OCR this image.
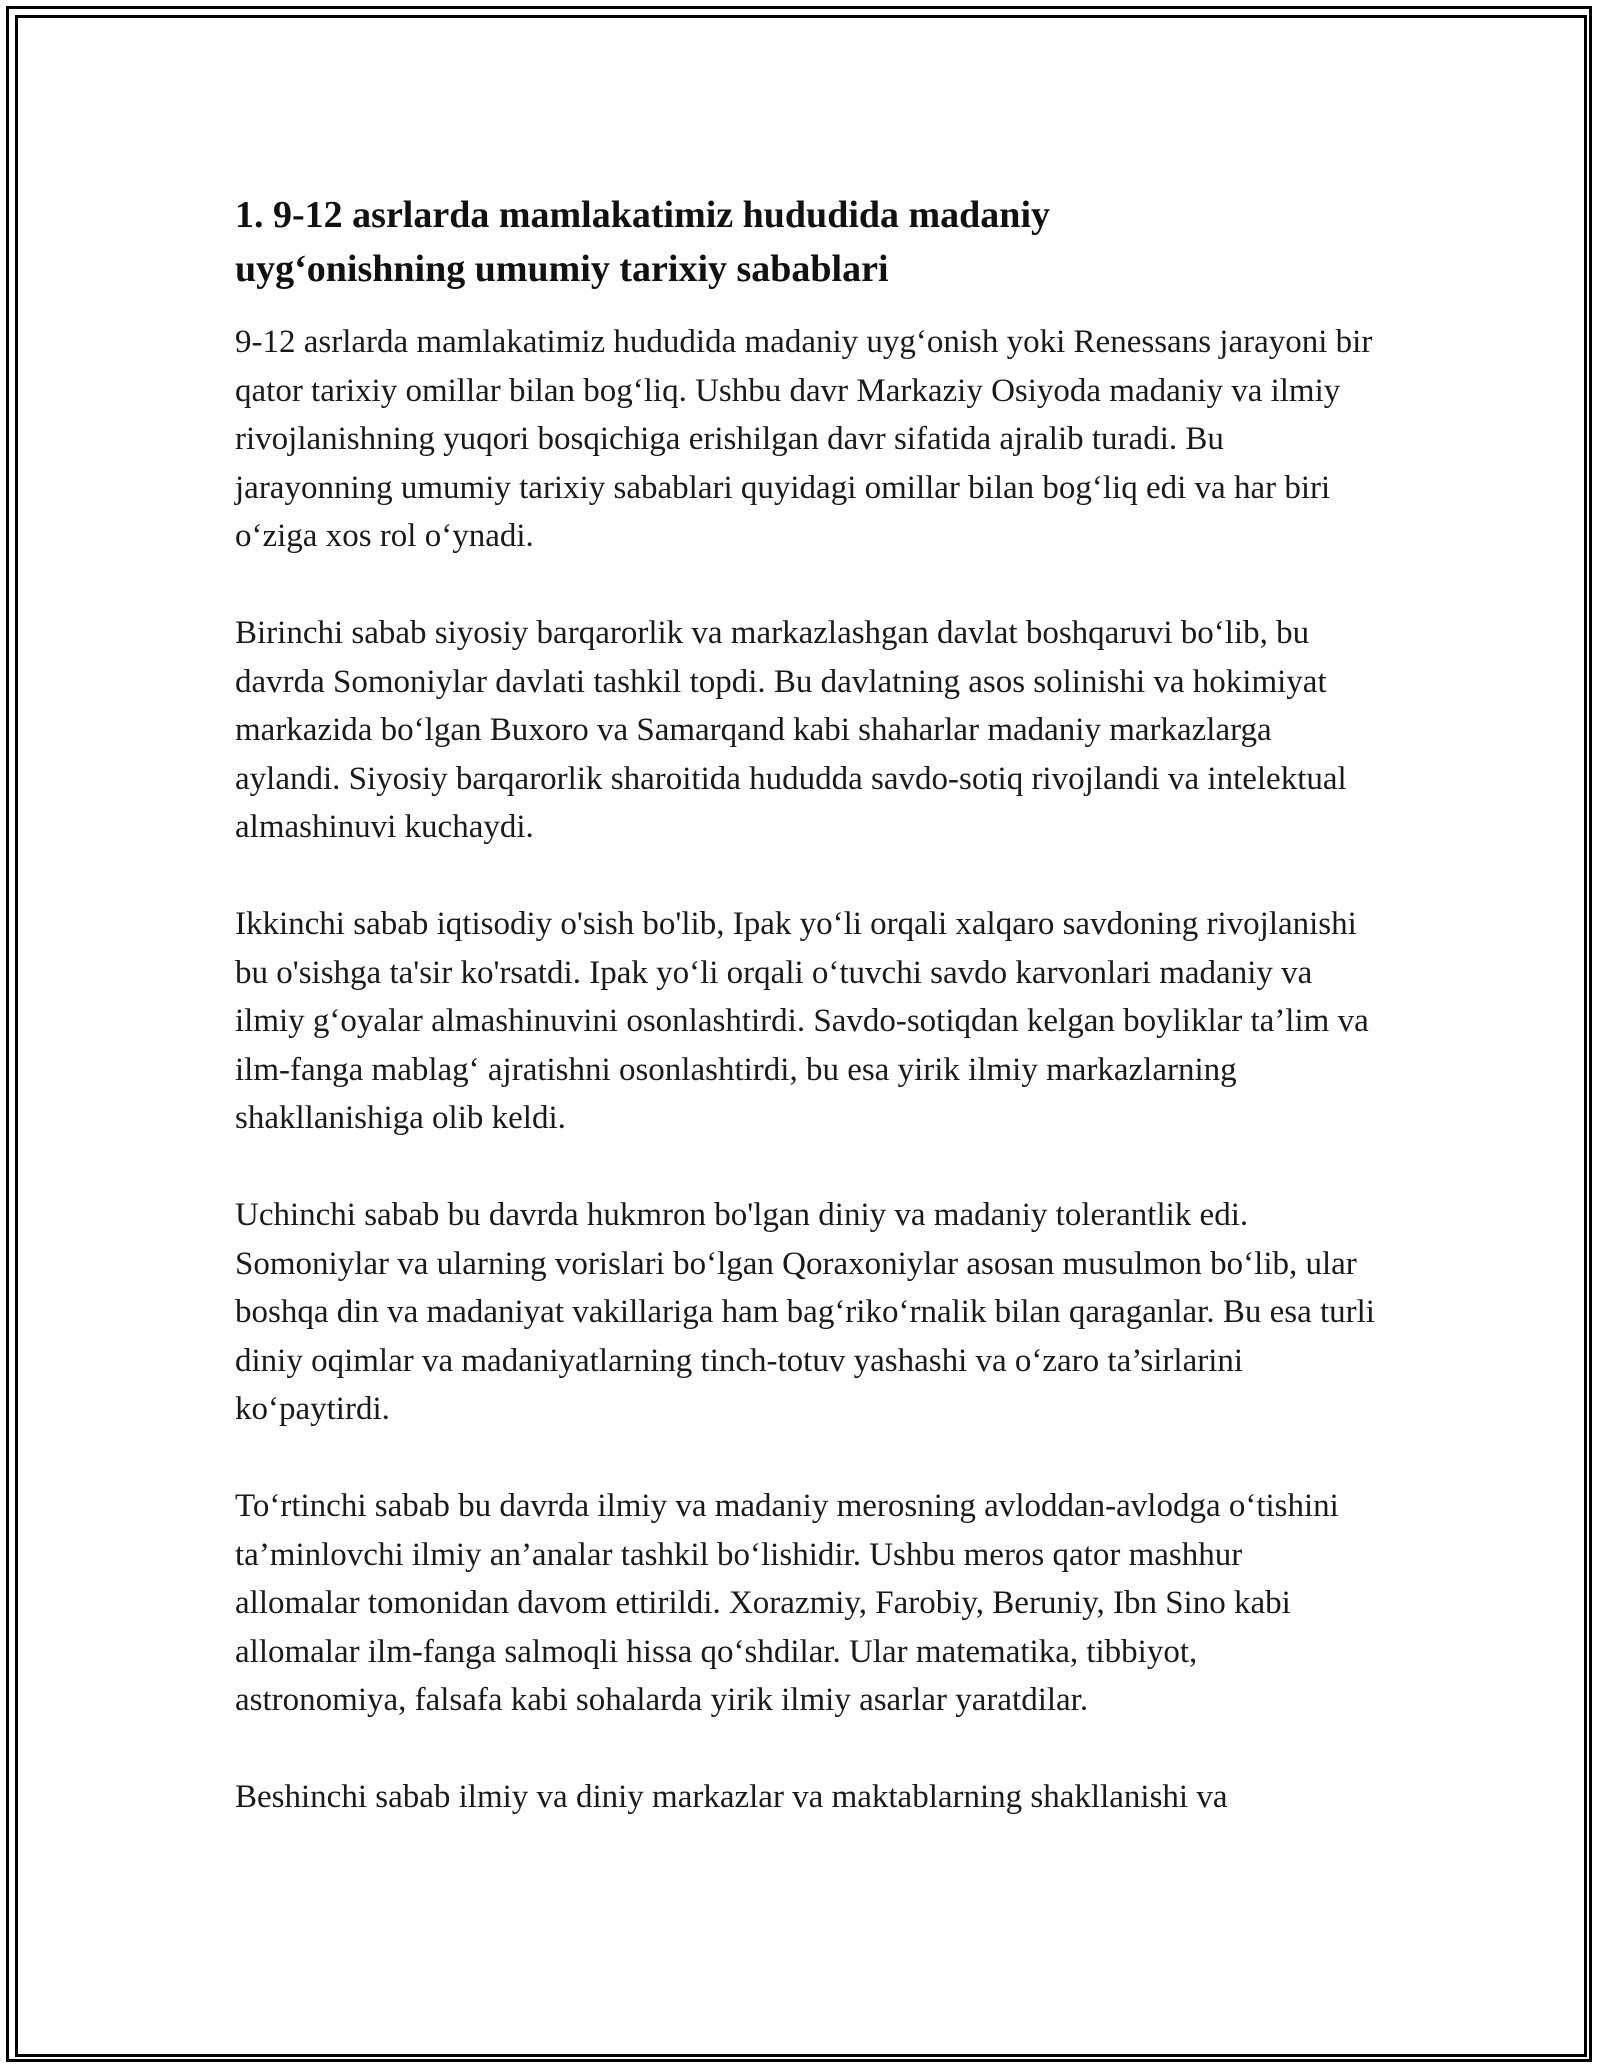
1. 9-12 asrlarda mamlakatimiz hududida madaniy
uyg‘onishning umumiy tarixiy sabablari

9-12 asrlarda mamlakatimiz hududida madaniy uyg‘onish yoki Renessans jarayoni bir qator tarixiy omillar bilan bog‘liq. Ushbu davr Markaziy Osiyoda madaniy va ilmiy rivojlanishning yuqori bosqichiga erishilgan davr sifatida ajralib turadi. Bu jarayonning umumiy tarixiy sabablari quyidagi omillar bilan bog‘liq edi va har biri o‘ziga xos rol o‘ynadi.

Birinchi sabab siyosiy barqarorlik va markazlashgan davlat boshqaruvi bo‘lib, bu davrda Somoniylar davlati tashkil topdi. Bu davlatning asos solinishi va hokimiyat markazida bo‘lgan Buxoro va Samarqand kabi shaharlar madaniy markazlarga aylandi. Siyosiy barqarorlik sharoitida hududda savdo-sotiq rivojlandi va intelektual almashinuvi kuchaydi.

Ikkinchi sabab iqtisodiy o'sish bo'lib, Ipak yo‘li orqali xalqaro savdoning rivojlanishi bu o'sishga ta'sir ko'rsatdi. Ipak yo‘li orqali o‘tuvchi savdo karvonlari madaniy va ilmiy g‘oyalar almashinuvini osonlashtirdi. Savdo-sotiqdan kelgan boyliklar ta’lim va ilm-fanga mablag‘ ajratishni osonlashtirdi, bu esa yirik ilmiy markazlarning shakllanishiga olib keldi.

Uchinchi sabab bu davrda hukmron bo'lgan diniy va madaniy tolerantlik edi. Somoniylar va ularning vorislari bo‘lgan Qoraxoniylar asosan musulmon bo‘lib, ular boshqa din va madaniyat vakillariga ham bag‘riko‘rnalik bilan qaraganlar. Bu esa turli diniy oqimlar va madaniyatlarning tinch-totuv yashashi va o‘zaro ta’sirlarini ko‘paytirdi.

To‘rtinchi sabab bu davrda ilmiy va madaniy merosning avloddan-avlodga o‘tishini ta’minlovchi ilmiy an’analar tashkil bo‘lishidir. Ushbu meros qator mashhur allomalar tomonidan davom ettirildi. Xorazmiy, Farobiy, Beruniy, Ibn Sino kabi allomalar ilm-fanga salmoqli hissa qo‘shdilar. Ular matematika, tibbiyot, astronomiya, falsafa kabi sohalarda yirik ilmiy asarlar yaratdilar.

Beshinchi sabab ilmiy va diniy markazlar va maktablarning shakllanishi va
